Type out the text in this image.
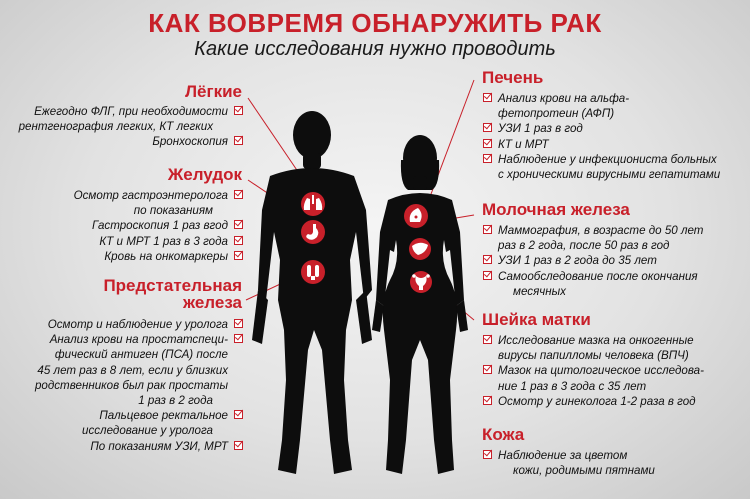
КАК ВОВРЕМЯ ОБНАРУЖИТЬ РАК
Какие исследования нужно проводить
Лёгкие
Ежегодно ФЛГ, при необходимости
рентгенография легких, КТ легких
Бронхоскопия
Желудок
Осмотр гастроэнтеролога
по показаниям
Гастроскопия 1 раз вгод
КТ и МРТ 1 раз в 3 года
Кровь на онкомаркеры
Предстательная
железа
Осмотр и наблюдение у уролога
Анализ крови на простатспеци-
фический антиген (ПСА) после
45 лет раз в 8 лет, если у близких
родственников был рак простаты
1 раз в 2 года
Пальцевое ректальное
исследование у уролога
По показаниям УЗИ, МРТ
Печень
Анализ крови на альфа-
фетопротеин (АФП)
УЗИ 1 раз в год
КТ и МРТ
Наблюдение у инфекциониста больных
с хроническими вирусными гепатитами
Молочная железа
Маммография, в возрасте до 50 лет
раз в 2 года, после 50 раз в год
УЗИ 1 раз в 2 года до 35 лет
Самообследование после окончания
месячных
Шейка матки
Исследование мазка на онкогенные
вирусы папилломы человека (ВПЧ)
Мазок на цитологическое исследова-
ние 1 раз в 3 года с 35 лет
Осмотр у гинеколога 1-2 раза в год
Кожа
Наблюдение за цветом
кожи, родимыми пятнами
